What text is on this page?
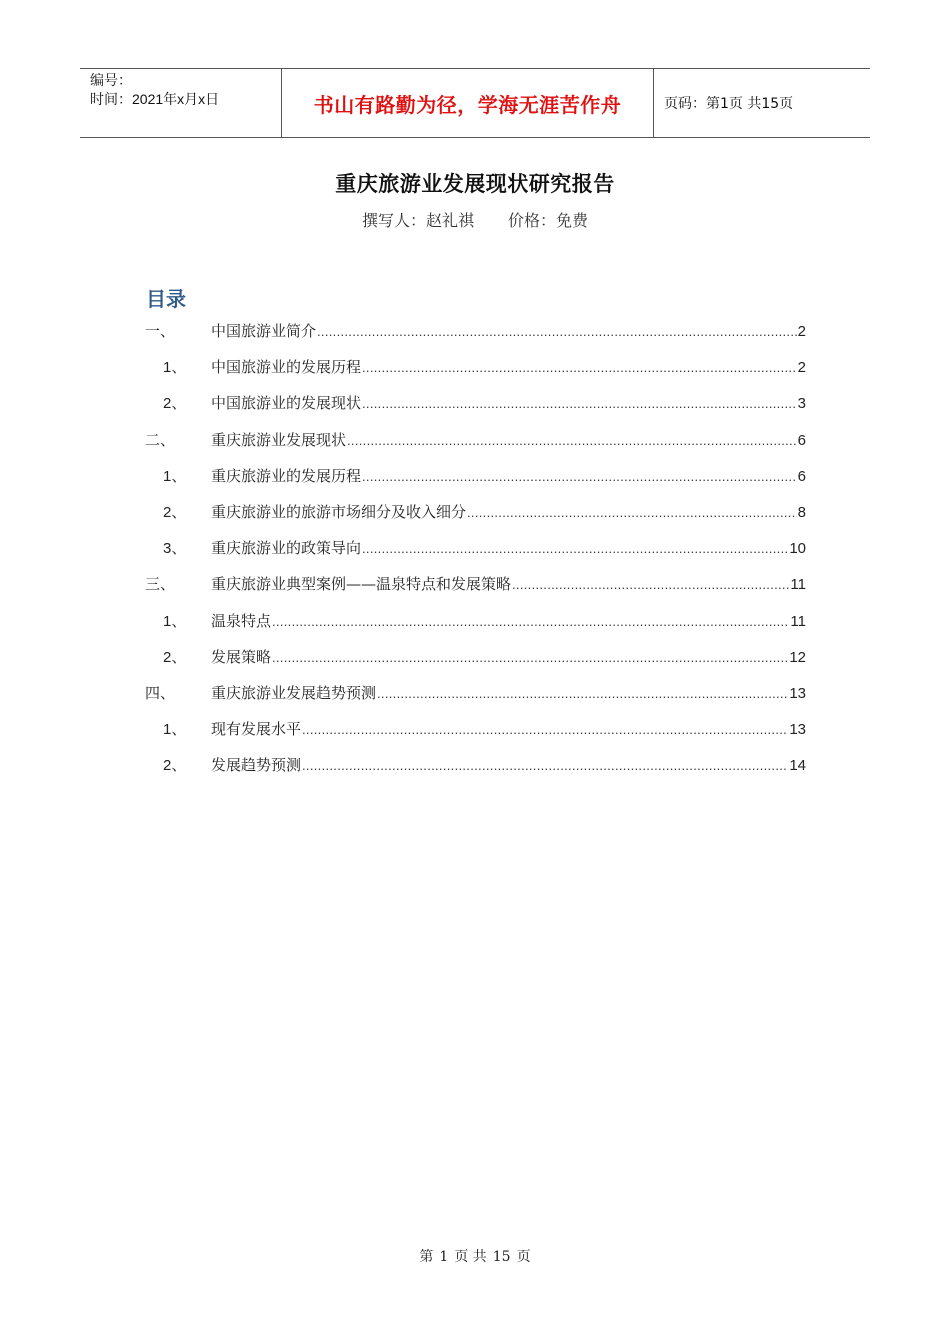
编号：
时间：2021年x月x日	书山有路勤为径，学海无涯苦作舟	页码：第1页 共15页
重庆旅游业发展现状研究报告
撰写人：赵礼祺 价格：免费
目录
一、	中国旅游业简介 .....	2
1、	中国旅游业的发展历程 .....	2
2、	中国旅游业的发展现状 .....	3
二、	重庆旅游业发展现状 .....	6
1、	重庆旅游业的发展历程 .....	6
2、	重庆旅游业的旅游市场细分及收入细分 .....	8
3、	重庆旅游业的政策导向 .....	10
三、	重庆旅游业典型案例——温泉特点和发展策略 .....	11
1、	温泉特点 .....	11
2、	发展策略 .....	12
四、	重庆旅游业发展趋势预测 .....	13
1、	现有发展水平 .....	13
2、	发展趋势预测 .....	14
第 1 页 共 15 页
